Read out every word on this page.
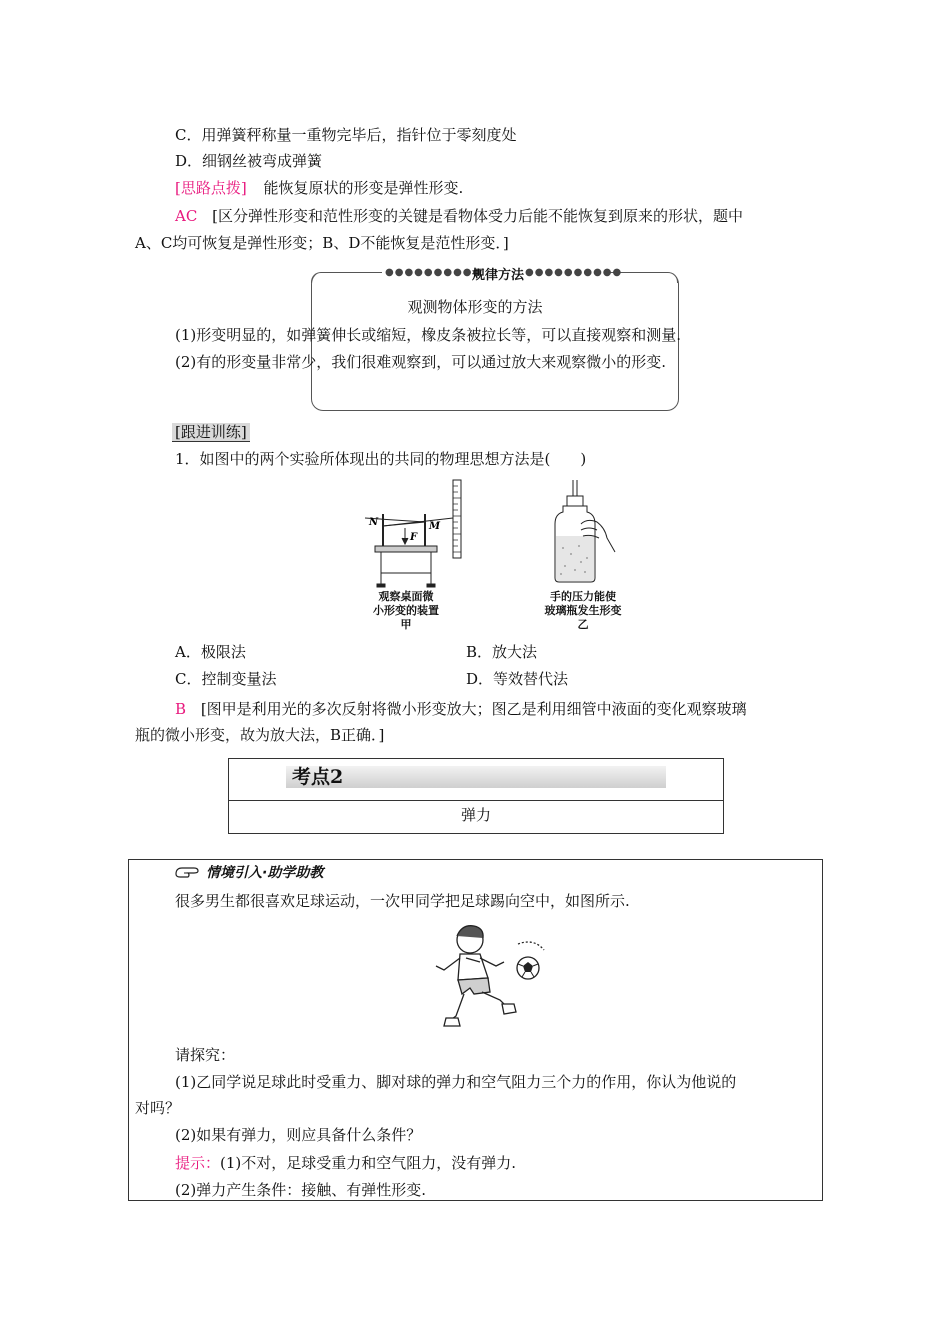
C．用弹簧秤称量一重物完毕后，指针位于零刻度处
D．细钢丝被弯成弹簧
[思路点拨] 能恢复原状的形变是弹性形变.
AC [区分弹性形变和范性形变的关键是看物体受力后能不能恢复到原来的形状，题中
A、C均可恢复是弹性形变；B、D不能恢复是范性形变．]
●●●●●●●●●●
规律方法 ●●●●●●●●●●
观测物体形变的方法
(1)形变明显的，如弹簧伸长或缩短，橡皮条被拉长等，可以直接观察和测量.
(2)有的形变量非常少，我们很难观察到，可以通过放大来观察微小的形变.
[跟进训练]
1．如图中的两个实验所体现出的共同的物理思想方法是(　　)
N	M
F
观察桌面微
小形变的装置
甲
手的压力能使
玻璃瓶发生形变
乙
A．极限法	B．放大法
C．控制变量法	D．等效替代法
B [图甲是利用光的多次反射将微小形变放大；图乙是利用细管中液面的变化观察玻璃
瓶的微小形变，故为放大法，B正确．]
考点2
弹力
情境引入·助学助教
很多男生都很喜欢足球运动，一次甲同学把足球踢向空中，如图所示.
请探究：
(1)乙同学说足球此时受重力、脚对球的弹力和空气阻力三个力的作用，你认为他说的
对吗？
(2)如果有弹力，则应具备什么条件？
提示：(1)不对，足球受重力和空气阻力，没有弹力.
(2)弹力产生条件：接触、有弹性形变.
